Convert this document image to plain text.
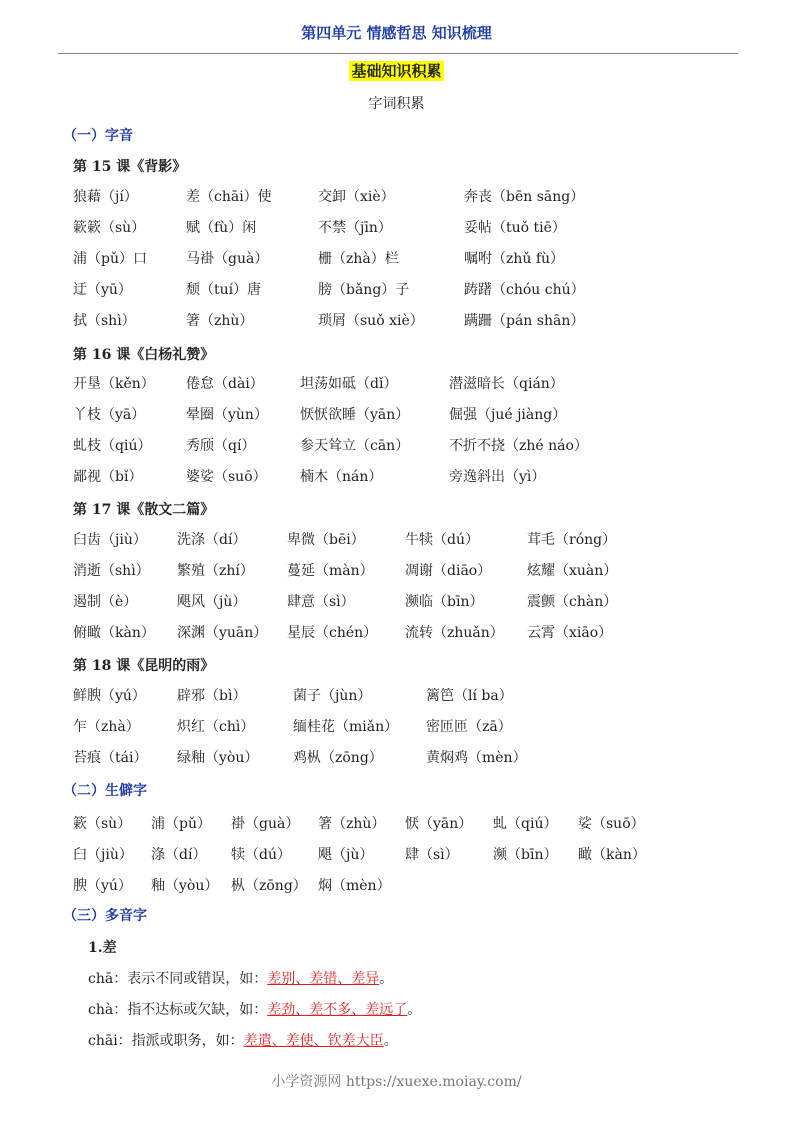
第四单元 情感哲思 知识梳理
基础知识积累
字词积累
（一）字音
第 15 课《背影》
狼藉（jí）	差（chāi）使	交卸（xiè）	奔丧（bēn sāng）
簌簌（sù）	赋（fù）闲	不禁（jīn）	妥帖（tuǒ tiē）
浦（pǔ）口	马褂（guà）	栅（zhà）栏	嘱咐（zhǔ fù）
迂（yū）	颓（tuí）唐	膀（bǎng）子	踌躇（chóu chú）
拭（shì）	箸（zhù）	琐屑（suǒ xiè）	蹒跚（pán shān）
第 16 课《白杨礼赞》
开垦（kěn） 倦怠（dài）	坦荡如砥（dǐ）	潜滋暗长（qián）
丫枝（yā）	晕圈（yùn） 恹恹欲睡（yān）	倔强（jué jiàng）
虬枝（qiú） 秀颀（qí）	参天耸立（cān）	不折不挠（zhé náo）
鄙视（bǐ）	婆娑（suō） 楠木（nán）	旁逸斜出（yì）
第 17 课《散文二篇》
臼齿（jiù） 洗涤（dí）	卑微（bēi）	牛犊（dú）	茸毛（róng）
消逝（shì） 繁殖（zhí） 蔓延（màn） 凋谢（diāo）	炫耀（xuàn）
遏制（è）	飓风（jù）	肆意（sì）	濒临（bīn）	震颤（chàn）
俯瞰（kàn） 深渊（yuān） 星辰（chén） 流转（zhuǎn） 云霄（xiāo）
第 18 课《昆明的雨》
鲜腴（yú） 辟邪（bì）	菌子（jùn）	篱笆（lí ba）
乍（zhà）	炽红（chì）	缅桂花（miǎn） 密匝匝（zā）
苔痕（tái） 绿釉（yòu） 鸡枞（zōng）	黄焖鸡（mèn）
（二）生僻字
簌（sù） 浦（pǔ） 褂（guà） 箸（zhù） 恹（yān） 虬（qiú） 娑（suō）
臼（jiù） 涤（dí） 犊（dú） 飓（jù） 肆（sì） 濒（bīn） 瞰（kàn）
腴（yú） 釉（yòu） 枞（zōng） 焖（mèn）
（三）多音字
1.差
chā：表示不同或错误，如：差别、差错、差异。
chà：指不达标或欠缺，如：差劲、差不多、差远了。
chāi：指派或职务，如：差遣、差使、钦差大臣。
小学资源网 https://xuexe.moiay.com/
